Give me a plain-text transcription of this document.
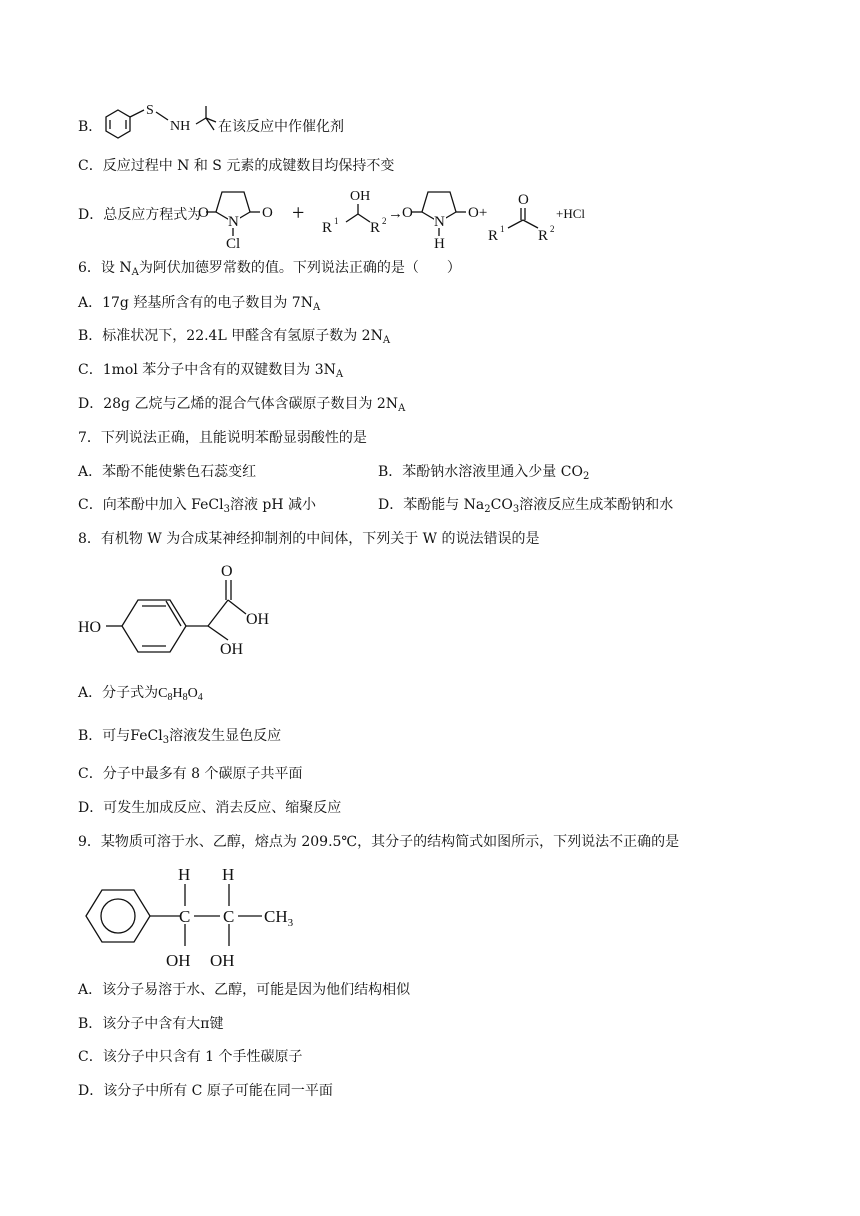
B．
S
NH 在该反应中作催化剂
C．反应过程中 N 和 S 元素的成键数目均保持不变
D．总反应方程式为
O	O
N
Cl
+
OH
R 1 R 2 → O	O+
N
H
O
R 1 R 2
+HCl
6．设 $N_A$为阿伏加德罗常数的值。下列说法正确的是（　　）
A．17g 羟基所含有的电子数目为 $7N_A$
B．标准状况下，22.4L 甲醛含有氢原子数为 $2N_A$
C．1mol 苯分子中含有的双键数目为 $3N_A$
D．28g 乙烷与乙烯的混合气体含碳原子数目为 $2N_A$
7．下列说法正确，且能说明苯酚显弱酸性的是
A．苯酚不能使紫色石蕊变红	B．苯酚钠水溶液里通入少量 $CO_2$
C．向苯酚中加入 FeCl$_3$溶液 pH 减小	D．苯酚能与 $Na_2CO_3$溶液反应生成苯酚钠和水
8．有机物 W 为合成某神经抑制剂的中间体，下列关于 W 的说法错误的是
HO
OH
O
OH
A．分子式为$C_8H_8O_4$
B．可与FeCl$_3$溶液发生显色反应
C．分子中最多有 8 个碳原子共平面
D．可发生加成反应、消去反应、缩聚反应
9．某物质可溶于水、乙醇，熔点为 209.5℃，其分子的结构简式如图所示，下列说法不正确的是
H
C
OH
H
C $CH_3$
OH
A．该分子易溶于水、乙醇，可能是因为他们结构相似
B．该分子中含有大π键
C．该分子中只含有 1 个手性碳原子
D．该分子中所有 C 原子可能在同一平面
